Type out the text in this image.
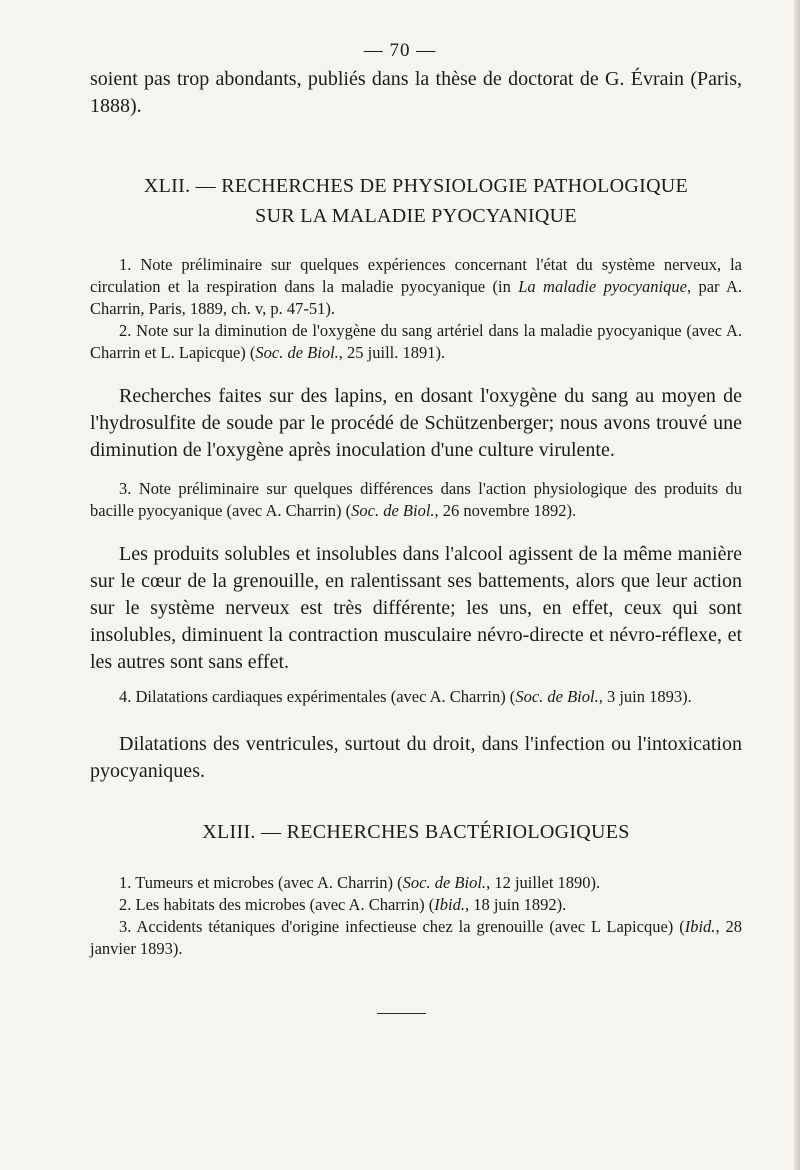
— 70 —

soient pas trop abondants, publiés dans la thèse de doctorat de G. Évrain (Paris, 1888).

XLII. — RECHERCHES DE PHYSIOLOGIE PATHOLOGIQUE
SUR LA MALADIE PYOCYANIQUE

1. Note préliminaire sur quelques expériences concernant l'état du système nerveux, la circulation et la respiration dans la maladie pyocyanique (in La maladie pyocyanique, par A. Charrin, Paris, 1889, ch. v, p. 47-51).

2. Note sur la diminution de l'oxygène du sang artériel dans la maladie pyocyanique (avec A. Charrin et L. Lapicque) (Soc. de Biol., 25 juill. 1891).

Recherches faites sur des lapins, en dosant l'oxygène du sang au moyen de l'hydrosulfite de soude par le procédé de Schützenberger; nous avons trouvé une diminution de l'oxygène après inoculation d'une culture virulente.

3. Note préliminaire sur quelques différences dans l'action physiologique des produits du bacille pyocyanique (avec A. Charrin) (Soc. de Biol., 26 novembre 1892).

Les produits solubles et insolubles dans l'alcool agissent de la même manière sur le cœur de la grenouille, en ralentissant ses battements, alors que leur action sur le système nerveux est très différente; les uns, en effet, ceux qui sont insolubles, diminuent la contraction musculaire névro-directe et névro-réflexe, et les autres sont sans effet.

4. Dilatations cardiaques expérimentales (avec A. Charrin) (Soc. de Biol., 3 juin 1893).

Dilatations des ventricules, surtout du droit, dans l'infection ou l'intoxication pyocyaniques.

XLIII. — RECHERCHES BACTÉRIOLOGIQUES

1. Tumeurs et microbes (avec A. Charrin) (Soc. de Biol., 12 juillet 1890).

2. Les habitats des microbes (avec A. Charrin) (Ibid., 18 juin 1892).

3. Accidents tétaniques d'origine infectieuse chez la grenouille (avec L Lapicque) (Ibid., 28 janvier 1893).
